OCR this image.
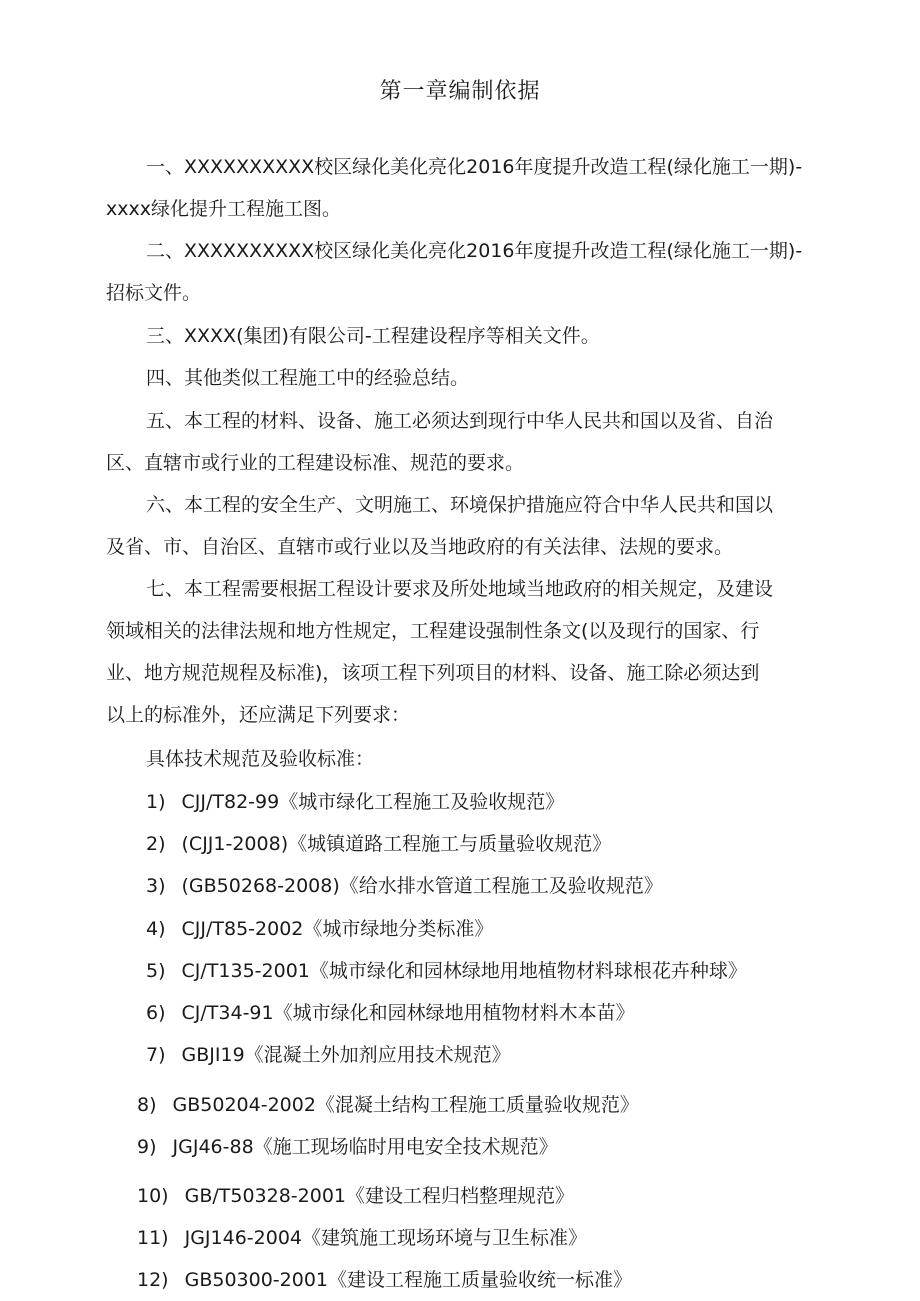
第一章编制依据
一、XXXXXXXXXX校区绿化美化亮化2016年度提升改造工程(绿化施工一期)-
xxxx绿化提升工程施工图。
二、XXXXXXXXXX校区绿化美化亮化2016年度提升改造工程(绿化施工一期)-
招标文件。
三、XXXX(集团)有限公司-工程建设程序等相关文件。
四、其他类似工程施工中的经验总结。
五、本工程的材料、设备、施工必须达到现行中华人民共和国以及省、自治
区、直辖市或行业的工程建设标准、规范的要求。
六、本工程的安全生产、文明施工、环境保护措施应符合中华人民共和国以
及省、市、自治区、直辖市或行业以及当地政府的有关法律、法规的要求。
七、本工程需要根据工程设计要求及所处地域当地政府的相关规定，及建设
领域相关的法律法规和地方性规定，工程建设强制性条文(以及现行的国家、行
业、地方规范规程及标准)，该项工程下列项目的材料、设备、施工除必须达到
以上的标准外，还应满足下列要求：
具体技术规范及验收标准：
1) CJJ/T82-99《城市绿化工程施工及验收规范》
2) (CJJ1-2008)《城镇道路工程施工与质量验收规范》
3) (GB50268-2008)《给水排水管道工程施工及验收规范》
4) CJJ/T85-2002《城市绿地分类标准》
5) CJ/T135-2001《城市绿化和园林绿地用地植物材料球根花卉种球》
6) CJ/T34-91《城市绿化和园林绿地用植物材料木本苗》
7) GBJI19《混凝土外加剂应用技术规范》
8) GB50204-2002《混凝土结构工程施工质量验收规范》
9) JGJ46-88《施工现场临时用电安全技术规范》
10) GB/T50328-2001《建设工程归档整理规范》
11) JGJ146-2004《建筑施工现场环境与卫生标准》
12) GB50300-2001《建设工程施工质量验收统一标准》
